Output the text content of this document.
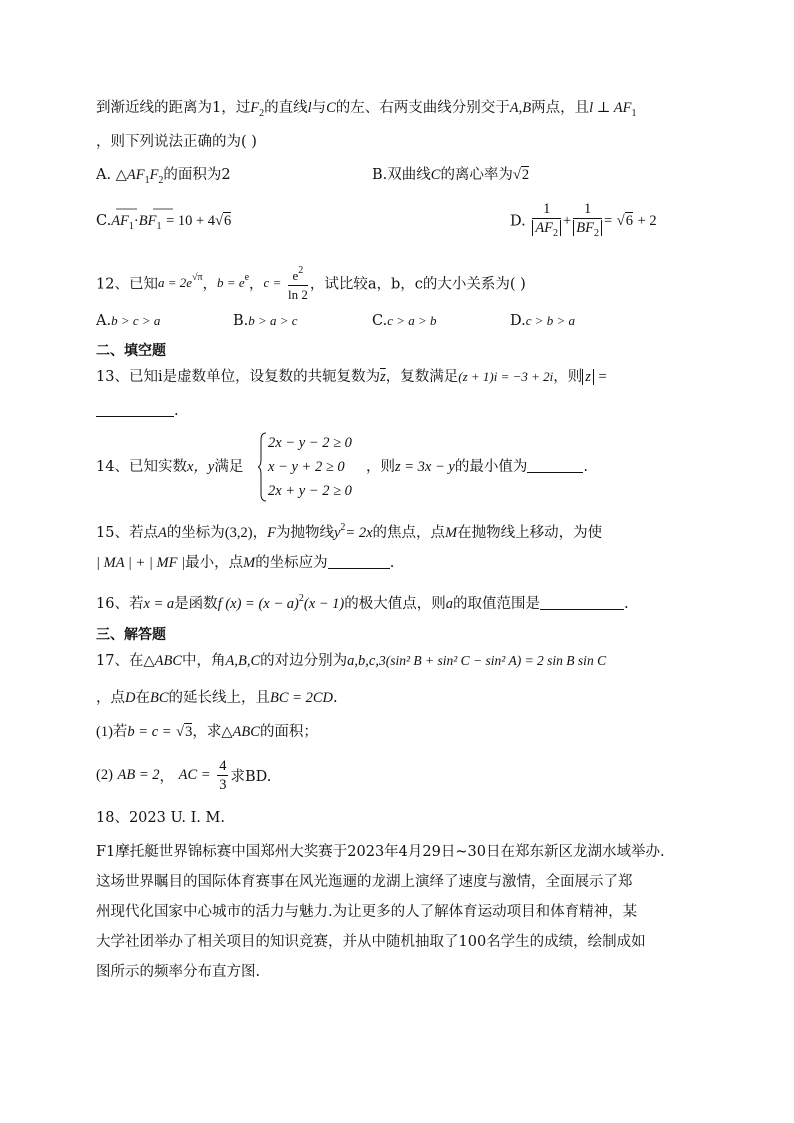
到渐近线的距离为1，过$F_2$的直线l与C的左、右两支曲线分别交于A,B两点，且l ⊥ $AF_1$
，则下列说法正确的为( )
A. $\triangle AF_1F_2$的面积为2	B.双曲线C的离心率为√2
$C.AF_1\cdot BF_1 = 10 + 4√6$	D. $\frac{1}{AF_2} + \frac{1}{BF_2} = √6 + 2$
12、已知$a = 2e^{√\pi}$，$b = e^e$，$c = \frac{e^2}{\ln 2}$ ，试比较a，b，c的大小关系为( )
A.b > c > a	B.b > a > c	C.c > a > b	D.c > b > a
二、填空题
13、已知i是虚数单位，设复数的共轭复数为$\overline{z}$，复数满足(z + 1)i = −3 + 2i，则 z =
.
14、已知实数x，y满足
2x − y − 2 ≥ 0
x − y + 2 ≥ 0
2x + y − 2 ≥ 0
，则z = 3x − y的最小值为	.
15、若点A的坐标为(3,2)，F为抛物线$y^2= 2x$的焦点，点M在抛物线上移动，为使
| MA | + | MF |最小，点M的坐标应为	.
16、若x = a是函数f $(x) = (x - a)^2(x - 1)$的极大值点，则a的取值范围是	.
三、解答题
17、在△ABC中，角A,B,C的对边分别为a,b,c,3(sin² B + sin² C − sin² A) = 2 sin B sin C
，点D在BC的延长线上，且BC = 2CD.
(1)若b = c = √3，求△ABC的面积；
(2) AB = 2， AC = $\frac{4}{3}$ 求BD.
18、2023 U. I. M.
F1摩托艇世界锦标赛中国郑州大奖赛于2023年4月29日~30日在郑东新区龙湖水域举办.
这场世界瞩目的国际体育赛事在风光迤逦的龙湖上演绎了速度与激情，全面展示了郑
州现代化国家中心城市的活力与魅力.为让更多的人了解体育运动项目和体育精神，某
大学社团举办了相关项目的知识竞赛，并从中随机抽取了100名学生的成绩，绘制成如
图所示的频率分布直方图.
